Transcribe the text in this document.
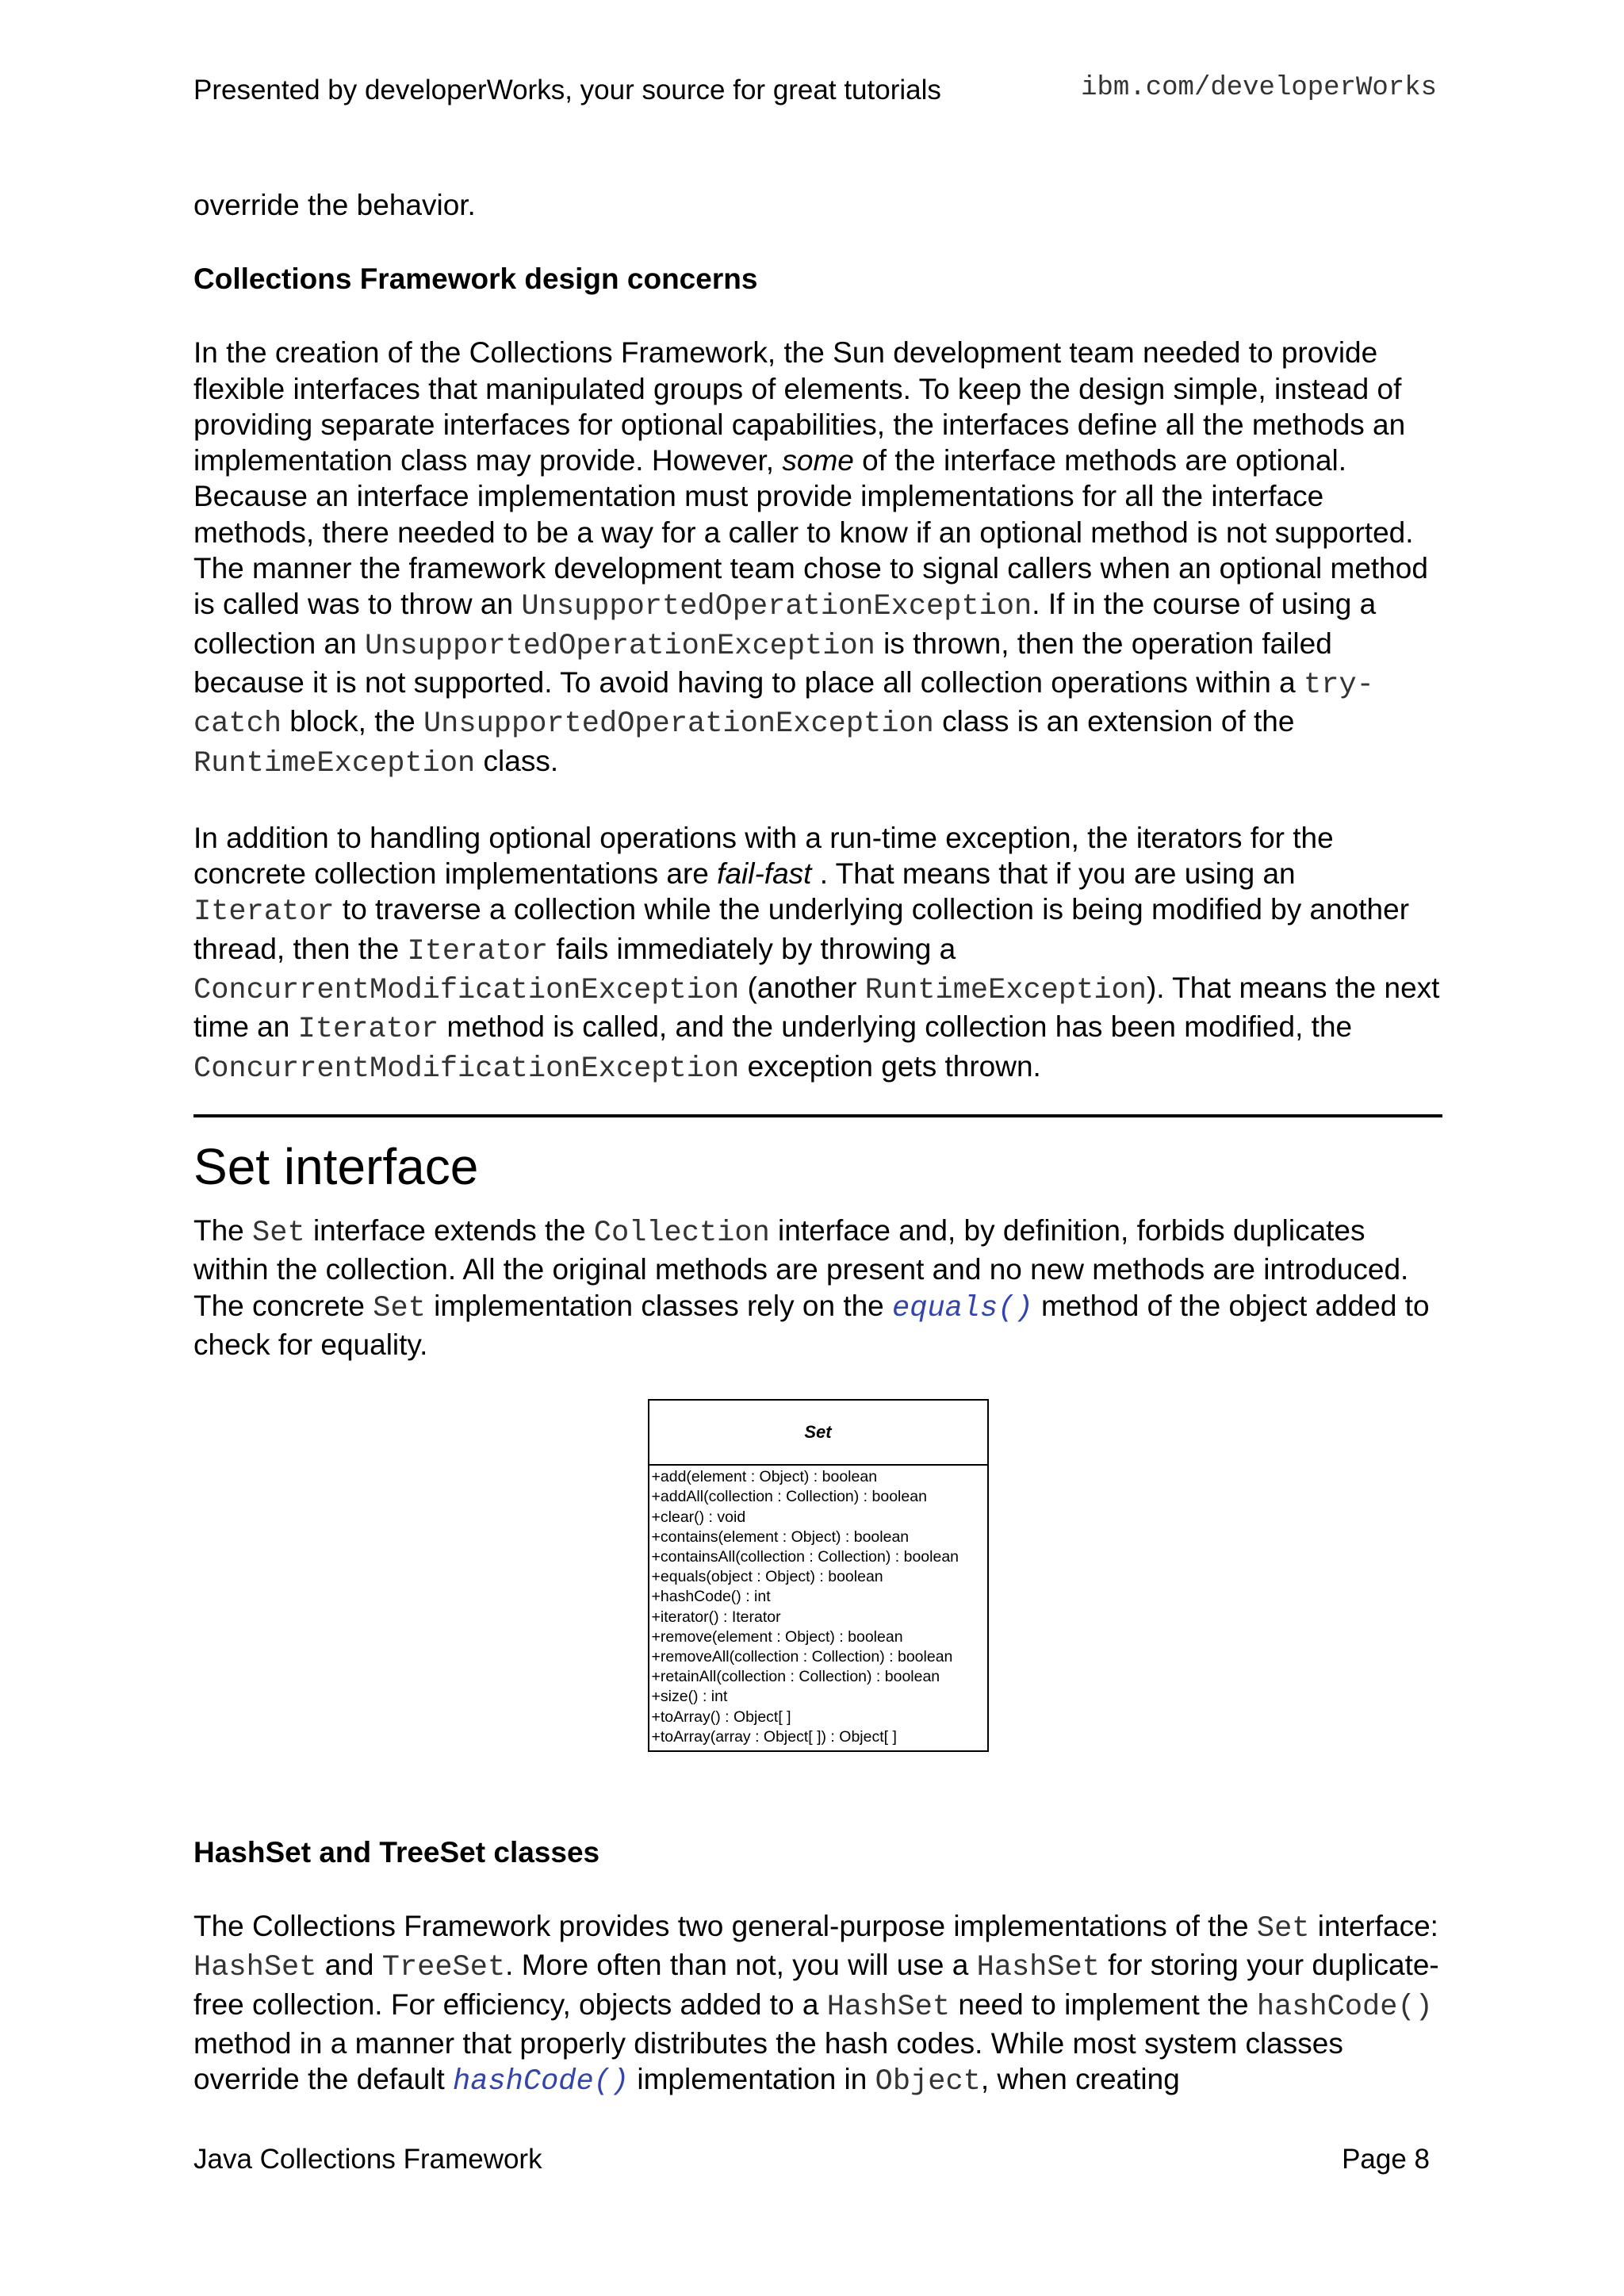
Presented by developerWorks, your source for great tutorials	ibm.com/developerWorks

override the behavior.

Collections Framework design concerns

In the creation of the Collections Framework, the Sun development team needed to provide flexible interfaces that manipulated groups of elements. To keep the design simple, instead of providing separate interfaces for optional capabilities, the interfaces define all the methods an implementation class may provide. However, some of the interface methods are optional. Because an interface implementation must provide implementations for all the interface methods, there needed to be a way for a caller to know if an optional method is not supported. The manner the framework development team chose to signal callers when an optional method is called was to throw an UnsupportedOperationException. If in the course of using a collection an UnsupportedOperationException is thrown, then the operation failed because it is not supported. To avoid having to place all collection operations within a try-catch block, the UnsupportedOperationException class is an extension of the RuntimeException class.

In addition to handling optional operations with a run-time exception, the iterators for the concrete collection implementations are fail-fast . That means that if you are using an Iterator to traverse a collection while the underlying collection is being modified by another thread, then the Iterator fails immediately by throwing a ConcurrentModificationException (another RuntimeException). That means the next time an Iterator method is called, and the underlying collection has been modified, the ConcurrentModificationException exception gets thrown.

Set interface

The Set interface extends the Collection interface and, by definition, forbids duplicates within the collection. All the original methods are present and no new methods are introduced. The concrete Set implementation classes rely on the equals() method of the object added to check for equality.

Set
+add(element : Object) : boolean
+addAll(collection : Collection) : boolean
+clear() : void
+contains(element : Object) : boolean
+containsAll(collection : Collection) : boolean
+equals(object : Object) : boolean
+hashCode() : int
+iterator() : Iterator
+remove(element : Object) : boolean
+removeAll(collection : Collection) : boolean
+retainAll(collection : Collection) : boolean
+size() : int
+toArray() : Object[ ]
+toArray(array : Object[ ]) : Object[ ]
HashSet and TreeSet classes

The Collections Framework provides two general-purpose implementations of the Set interface: HashSet and TreeSet. More often than not, you will use a HashSet for storing your duplicate-free collection. For efficiency, objects added to a HashSet need to implement the hashCode() method in a manner that properly distributes the hash codes. While most system classes override the default hashCode() implementation in Object, when creating

Java Collections Framework	Page 8
